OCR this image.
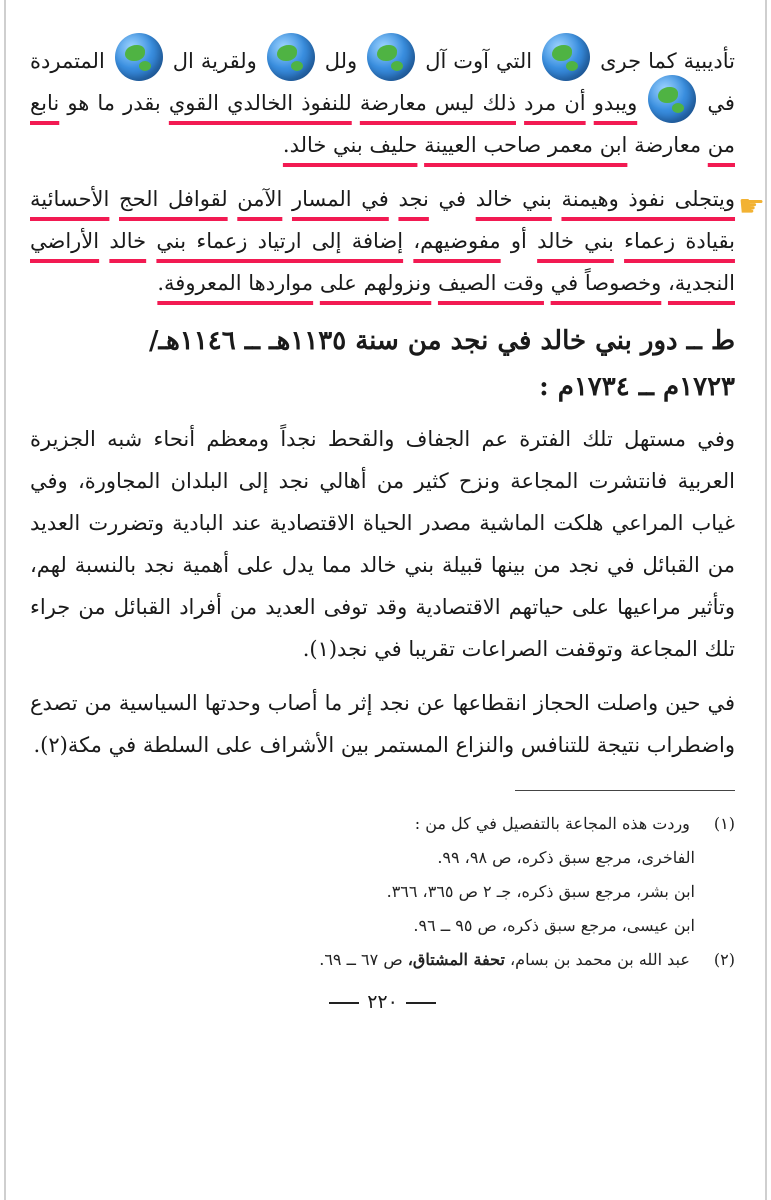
تأديبية كما جرى  التي آوت آل  ولل  ولقرية ال  المتمردة في  ويبدو أن مرد ذلك ليس معارضة للنفوذ الخالدي القوي بقدر ما هو نابع من معارضة ابن معمر صاحب العيينة حليف بني خالد.

☛
ويتجلى نفوذ وهيمنة بني خالد في نجد في المسار الآمن لقوافل الحج الأحسائية بقيادة زعماء بني خالد أو مفوضيهم، إضافة إلى ارتياد زعماء بني خالد الأراضي النجدية، وخصوصاً في وقت الصيف ونزولهم على مواردها المعروفة.

ط ــ دور بني خالد في نجد من سنة ١١٣٥هـ ــ ١١٤٦هـ/
١٧٢٣م ــ ١٧٣٤م :

وفي مستهل تلك الفترة عم الجفاف والقحط نجداً ومعظم أنحاء شبه الجزيرة العربية فانتشرت المجاعة ونزح كثير من أهالي نجد إلى البلدان المجاورة، وفي غياب المراعي هلكت الماشية مصدر الحياة الاقتصادية عند البادية وتضررت العديد من القبائل في نجد من بينها قبيلة بني خالد مما يدل على أهمية نجد بالنسبة لهم، وتأثير مراعيها على حياتهم الاقتصادية وقد توفى العديد من أفراد القبائل من جراء تلك المجاعة وتوقفت الصراعات تقريبا في نجد(١).

في حين واصلت الحجاز انقطاعها عن نجد إثر ما أصاب وحدتها السياسية من تصدع واضطراب نتيجة للتنافس والنزاع المستمر بين الأشراف على السلطة في مكة(٢).

(١) وردت هذه المجاعة بالتفصيل في كل من :

الفاخرى، مرجع سبق ذكره، ص ٩٨، ٩٩.

ابن بشر، مرجع سبق ذكره، جـ ٢ ص ٣٦٥، ٣٦٦.

ابن عيسى، مرجع سبق ذكره، ص ٩٥ ــ ٩٦.

(٢) عبد الله بن محمد بن بسام، تحفة المشتاق، ص ٦٧ ــ ٦٩.

٢٢٠
